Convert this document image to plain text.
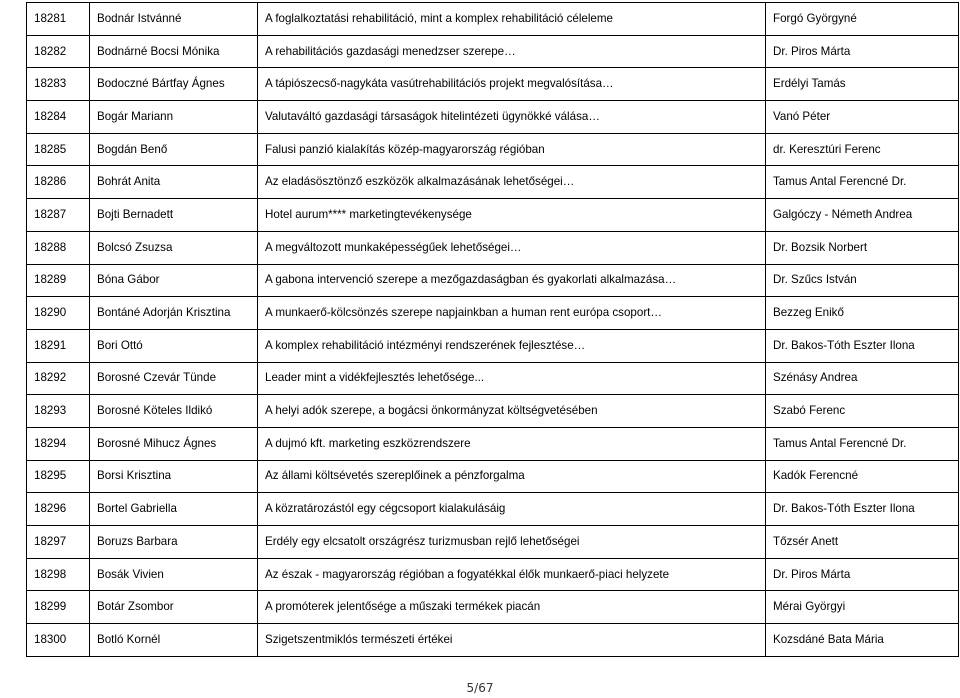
18281	Bodnár Istvánné	A foglalkoztatási rehabilitáció, mint a komplex rehabilitáció céleleme	Forgó Györgyné
18282	Bodnárné Bocsi Mónika	A rehabilitációs gazdasági menedzser szerepe…	Dr. Piros Márta
18283	Bodoczné Bártfay Ágnes	A tápiószecső-nagykáta vasútrehabilitációs projekt megvalósítása…	Erdélyi Tamás
18284	Bogár Mariann	Valutaváltó gazdasági társaságok hitelintézeti ügynökké válása…	Vanó Péter
18285	Bogdán Benő	Falusi panzió kialakítás közép-magyarország régióban	dr. Keresztúri Ferenc
18286	Bohrát Anita	Az eladásösztönző eszközök alkalmazásának lehetőségei…	Tamus Antal Ferencné Dr.
18287	Bojti Bernadett	Hotel aurum**** marketingtevékenysége	Galgóczy - Németh Andrea
18288	Bolcsó Zsuzsa	A megváltozott munkaképességűek lehetőségei…	Dr. Bozsik Norbert
18289	Bóna Gábor	A gabona intervenció szerepe a mezőgazdaságban és gyakorlati alkalmazása…	Dr. Szűcs István
18290	Bontáné Adorján Krisztina	A munkaerő-kölcsönzés szerepe napjainkban a human rent európa csoport…	Bezzeg Enikő
18291	Bori Ottó	A komplex rehabilitáció intézményi rendszerének fejlesztése…	Dr. Bakos-Tóth Eszter Ilona
18292	Borosné Czevár Tünde	Leader mint a vidékfejlesztés lehetősége...	Szénásy Andrea
18293	Borosné Köteles Ildikó	A helyi adók szerepe, a bogácsi önkormányzat költségvetésében	Szabó Ferenc
18294	Borosné Mihucz Ágnes	A dujmó kft. marketing eszközrendszere	Tamus Antal Ferencné Dr.
18295	Borsi Krisztina	Az állami költsévetés szereplőinek a pénzforgalma	Kadók Ferencné
18296	Bortel Gabriella	A közratározástól egy cégcsoport kialakulásáig	Dr. Bakos-Tóth Eszter Ilona
18297	Boruzs Barbara	Erdély egy elcsatolt országrész turizmusban rejlő lehetőségei	Tőzsér Anett
18298	Bosák Vivien	Az észak - magyarország régióban a fogyatékkal élők munkaerő-piaci helyzete	Dr. Piros Márta
18299	Botár Zsombor	A promóterek jelentősége a műszaki termékek piacán	Mérai Györgyi
18300	Botló Kornél	Szigetszentmiklós természeti értékei	Kozsdáné Bata Mária
5/67
